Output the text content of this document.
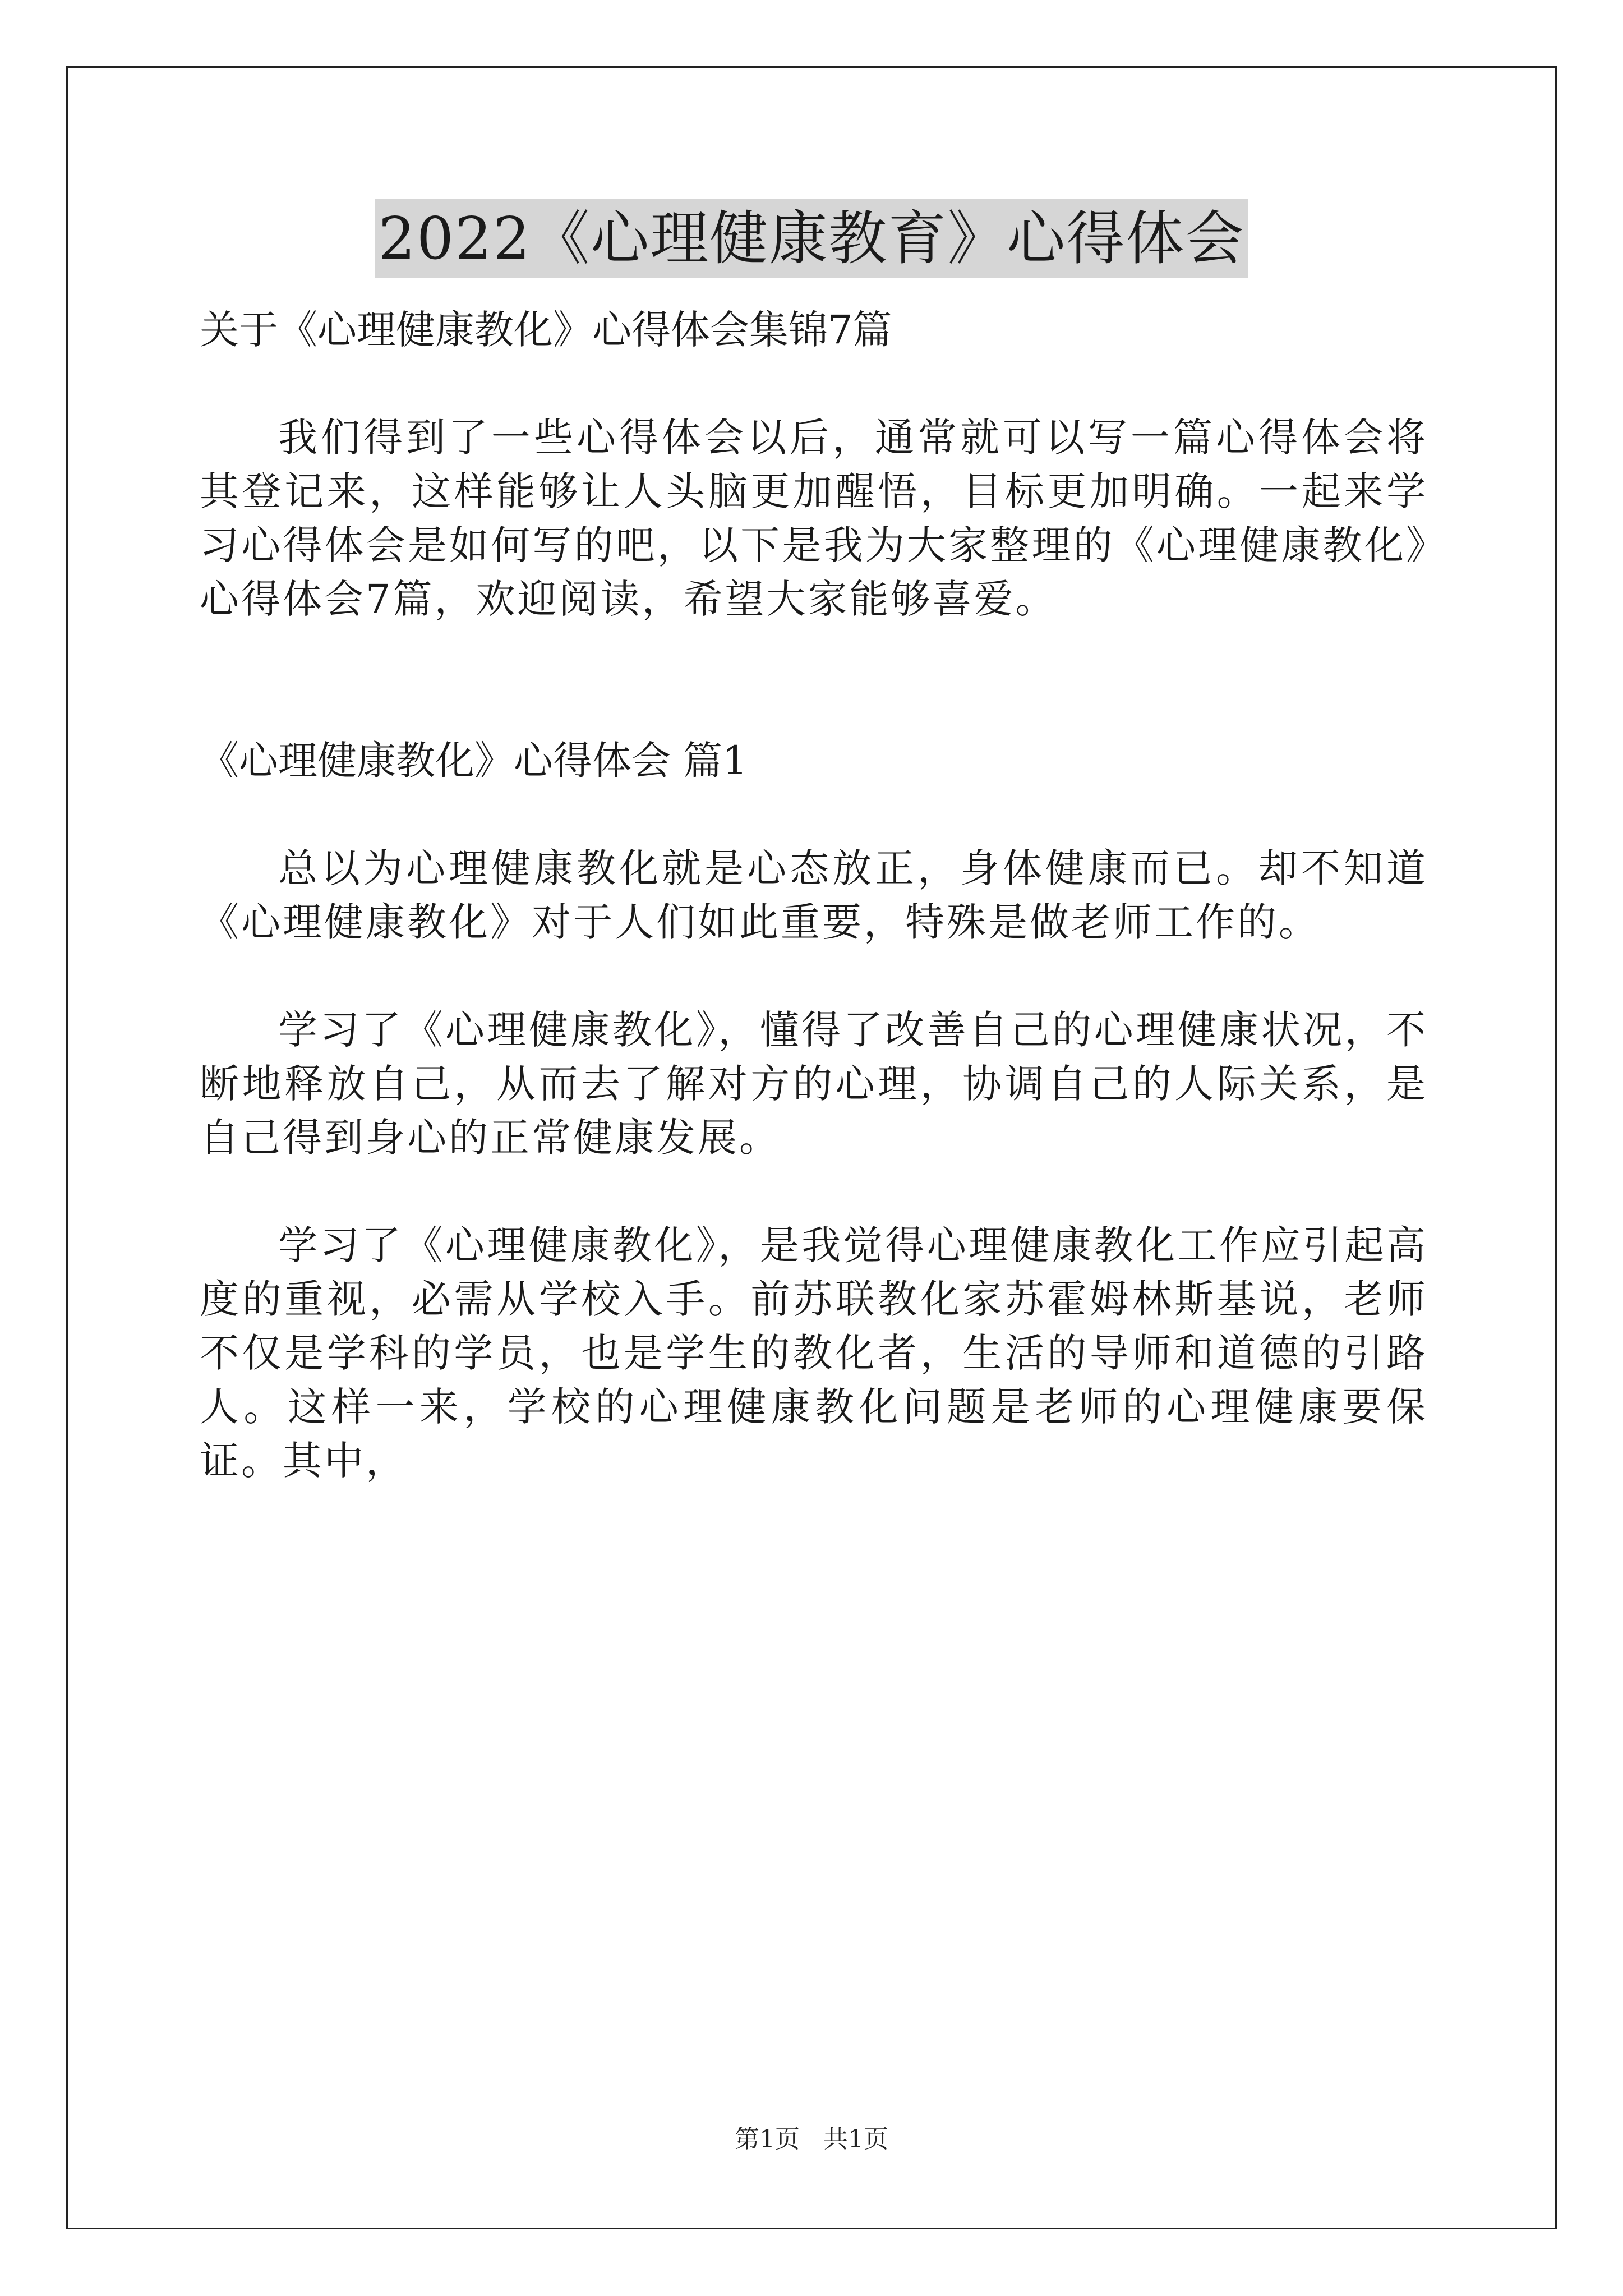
2022《心理健康教育》心得体会

关于《心理健康教化》心得体会集锦7篇

我们得到了一些心得体会以后，通常就可以写一篇心得体会将其登记来，这样能够让人头脑更加醒悟，目标更加明确。一起来学习心得体会是如何写的吧，以下是我为大家整理的《心理健康教化》心得体会7篇，欢迎阅读，希望大家能够喜爱。

《心理健康教化》心得体会 篇1

总以为心理健康教化就是心态放正，身体健康而已。却不知道《心理健康教化》对于人们如此重要，特殊是做老师工作的。

学习了《心理健康教化》，懂得了改善自己的心理健康状况，不断地释放自己，从而去了解对方的心理，协调自己的人际关系，是自己得到身心的正常健康发展。

学习了《心理健康教化》，是我觉得心理健康教化工作应引起高度的重视，必需从学校入手。前苏联教化家苏霍姆林斯基说，老师不仅是学科的学员，也是学生的教化者，生活的导师和道德的引路人。这样一来，学校的心理健康教化问题是老师的心理健康要保证。其中，

第1页 共1页
